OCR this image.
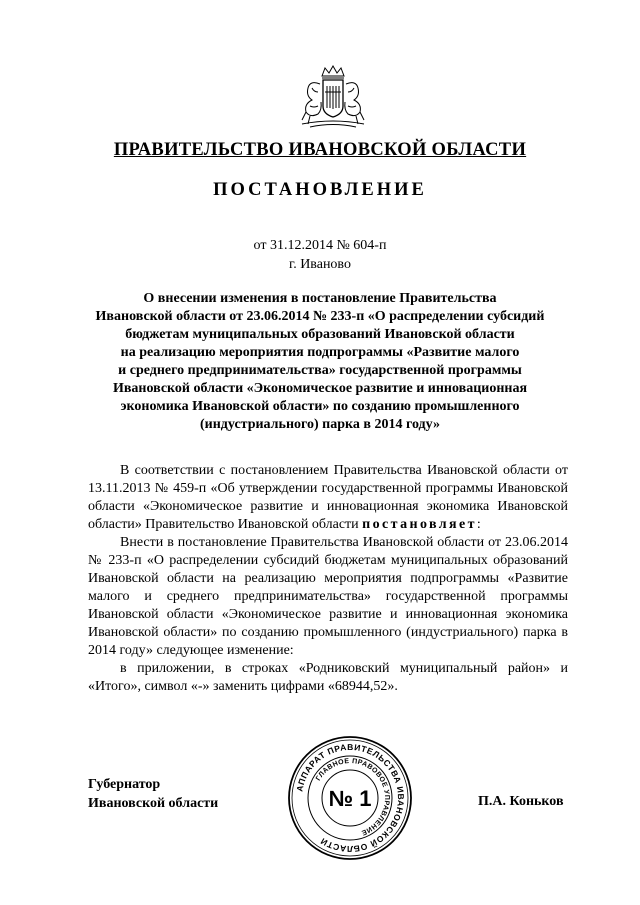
ПРАВИТЕЛЬСТВО ИВАНОВСКОЙ ОБЛАСТИ
ПОСТАНОВЛЕНИЕ
от 31.12.2014 № 604-п
г. Иваново
О внесении изменения в постановление Правительства
Ивановской области от 23.06.2014 № 233-п «О распределении субсидий
бюджетам муниципальных образований Ивановской области
на реализацию мероприятия подпрограммы «Развитие малого
и среднего предпринимательства» государственной программы
Ивановской области «Экономическое развитие и инновационная
экономика Ивановской области» по созданию промышленного
(индустриального) парка в 2014 году»
В соответствии с постановлением Правительства Ивановской области от 13.11.2013 № 459-п «Об утверждении государственной программы Ивановской области «Экономическое развитие и инновационная экономика Ивановской области» Правительство Ивановской области постановляет:
Внести в постановление Правительства Ивановской области от 23.06.2014 № 233-п «О распределении субсидий бюджетам муниципальных образований Ивановской области на реализацию мероприятия подпрограммы «Развитие малого и среднего предпринимательства» государственной программы Ивановской области «Экономическое развитие и инновационная экономика Ивановской области» по созданию промышленного (индустриального) парка в 2014 году» следующее изменение:
в приложении, в строках «Родниковский муниципальный район» и «Итого», символ «-» заменить цифрами «68944,52».
Губернатор
Ивановской области	П.А. Коньков
АППАРАТ ПРАВИТЕЛЬСТВА ИВАНОВСКОЙ ОБЛАСТИ
ГЛАВНОЕ ПРАВОВОЕ УПРАВЛЕНИЕ
№ 1
